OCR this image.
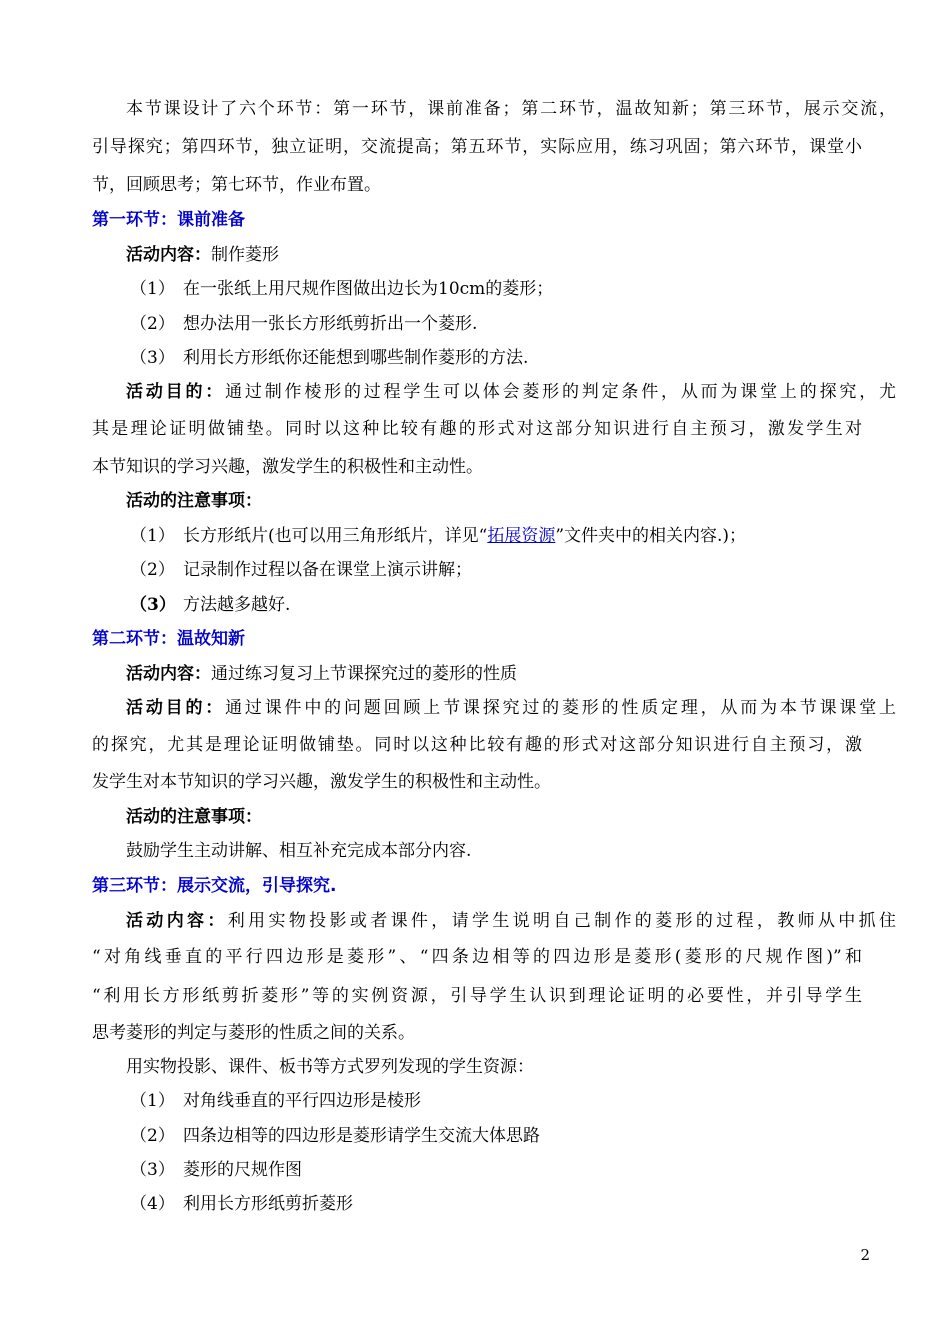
本节课设计了六个环节：第一环节，课前准备；第二环节，温故知新；第三环节，展示交流，
引导探究；第四环节，独立证明，交流提高；第五环节，实际应用，练习巩固；第六环节，课堂小
节，回顾思考；第七环节，作业布置。
第一环节：课前准备
活动内容：制作菱形
（1） 在一张纸上用尺规作图做出边长为10cm的菱形；
（2） 想办法用一张长方形纸剪折出一个菱形.
（3） 利用长方形纸你还能想到哪些制作菱形的方法.
活动目的：通过制作棱形的过程学生可以体会菱形的判定条件，从而为课堂上的探究，尤
其是理论证明做铺垫。同时以这种比较有趣的形式对这部分知识进行自主预习，激发学生对
本节知识的学习兴趣，激发学生的积极性和主动性。
活动的注意事项：
（1） 长方形纸片(也可以用三角形纸片，详见“拓展资源”文件夹中的相关内容.)；
（2） 记录制作过程以备在课堂上演示讲解；
（3） 方法越多越好.
第二环节：温故知新
活动内容：通过练习复习上节课探究过的菱形的性质
活动目的：通过课件中的问题回顾上节课探究过的菱形的性质定理，从而为本节课课堂上
的探究，尤其是理论证明做铺垫。同时以这种比较有趣的形式对这部分知识进行自主预习，激
发学生对本节知识的学习兴趣，激发学生的积极性和主动性。
活动的注意事项：
鼓励学生主动讲解、相互补充完成本部分内容.
第三环节：展示交流，引导探究.
活动内容：利用实物投影或者课件，请学生说明自己制作的菱形的过程，教师从中抓住
“对角线垂直的平行四边形是菱形”、“四条边相等的四边形是菱形(菱形的尺规作图)”和
“利用长方形纸剪折菱形”等的实例资源，引导学生认识到理论证明的必要性，并引导学生
思考菱形的判定与菱形的性质之间的关系。
用实物投影、课件、板书等方式罗列发现的学生资源：
（1） 对角线垂直的平行四边形是棱形
（2） 四条边相等的四边形是菱形请学生交流大体思路
（3） 菱形的尺规作图
（4） 利用长方形纸剪折菱形
2
